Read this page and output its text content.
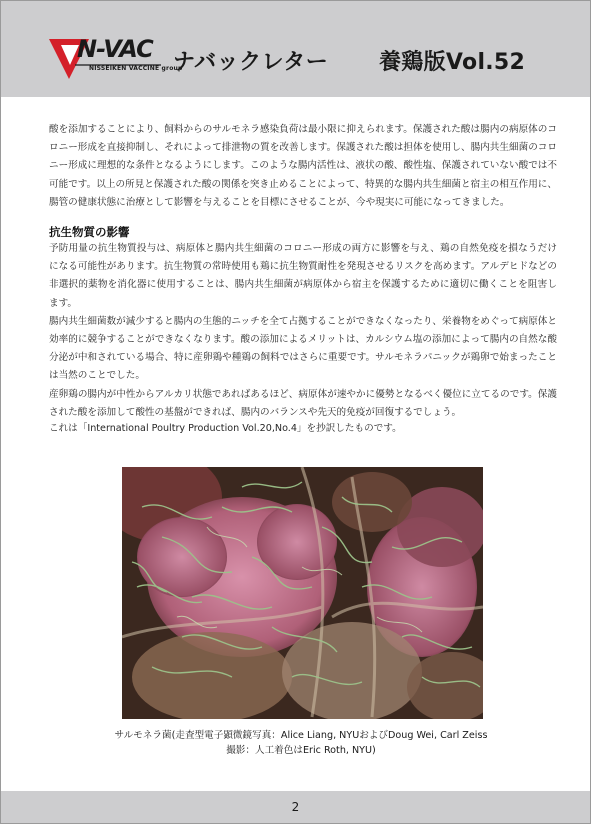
N-VAC
NISSEIKEN VACCINE group
ナバックレター 養鶏版Vol.52

酸を添加することにより、飼料からのサルモネラ感染負荷は最小限に抑えられます。保護された酸は腸内の病原体のコロニー形成を直接抑制し、それによって排泄物の質を改善します。保護された酸は担体を使用し、腸内共生細菌のコロニー形成に理想的な条件となるようにします。このような腸内活性は、液状の酸、酸性塩、保護されていない酸では不可能です。以上の所見と保護された酸の関係を突き止めることによって、特異的な腸内共生細菌と宿主の相互作用に、腸管の健康状態に治療として影響を与えることを目標にさせることが、今や現実に可能になってきました。

抗生物質の影響

予防用量の抗生物質投与は、病原体と腸内共生細菌のコロニー形成の両方に影響を与え、鶏の自然免疫を損なうだけになる可能性があります。抗生物質の常時使用も鶏に抗生物質耐性を発現させるリスクを高めます。アルデヒドなどの非選択的薬物を消化器に使用することは、腸内共生細菌が病原体から宿主を保護するために適切に働くことを阻害します。

腸内共生細菌数が減少すると腸内の生態的ニッチを全て占拠することができなくなったり、栄養物をめぐって病原体と効率的に競争することができなくなります。酸の添加によるメリットは、カルシウム塩の添加によって腸内の自然な酸分泌が中和されている場合、特に産卵鶏や種鶏の飼料ではさらに重要です。サルモネラパニックが鶏卵で始まったことは当然のことでした。

産卵鶏の腸内が中性からアルカリ状態であればあるほど、病原体が速やかに優勢となるべく優位に立てるのです。保護された酸を添加して酸性の基盤ができれば、腸内のバランスや先天的免疫が回復するでしょう。

これは「International Poultry Production Vol.20,No.4」を抄訳したものです。
サルモネラ菌(走査型電子顕微鏡写真：Alice Liang, NYUおよびDoug Wei, Carl Zeiss
撮影：人工着色はEric Roth, NYU)
2
